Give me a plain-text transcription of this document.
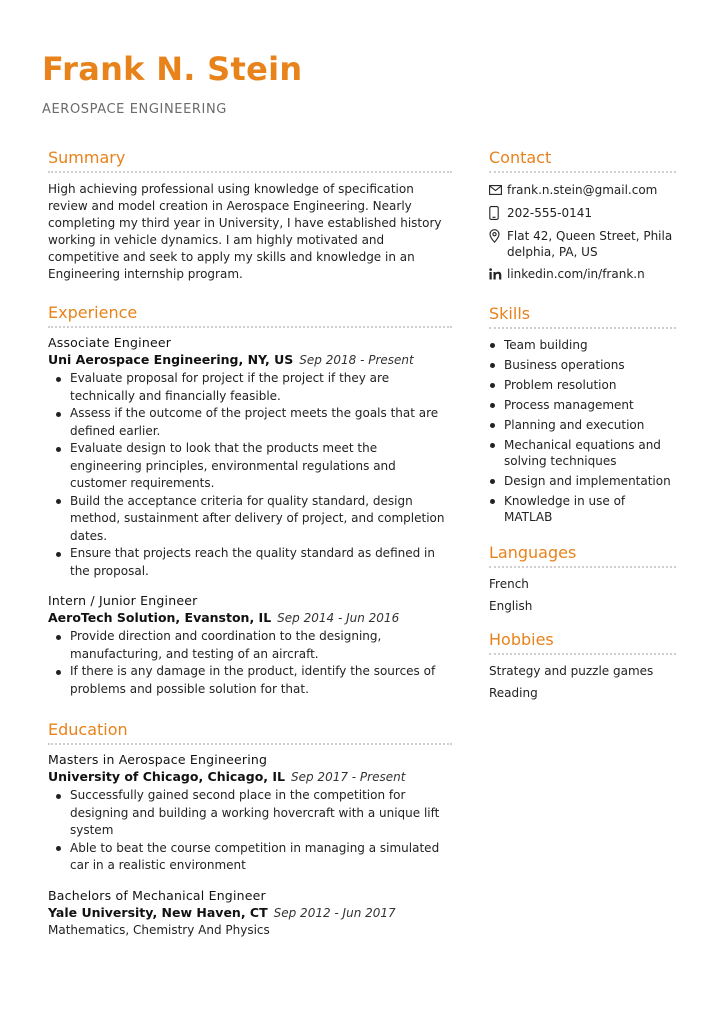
Frank N. Stein
AEROSPACE ENGINEERING
Summary
High achieving professional using knowledge of specification review and model creation in Aerospace Engineering. Nearly completing my third year in University, I have established history working in vehicle dynamics. I am highly motivated and competitive and seek to apply my skills and knowledge in an Engineering internship program.
Experience
Associate Engineer
Uni Aerospace Engineering, NY, US Sep 2018 - Present
Evaluate proposal for project if the project if they are technically and financially feasible.
Assess if the outcome of the project meets the goals that are defined earlier.
Evaluate design to look that the products meet the engineering principles, environmental regulations and customer requirements.
Build the acceptance criteria for quality standard, design method, sustainment after delivery of project, and completion dates.
Ensure that projects reach the quality standard as defined in the proposal.
Intern / Junior Engineer
AeroTech Solution, Evanston, IL Sep 2014 - Jun 2016
Provide direction and coordination to the designing, manufacturing, and testing of an aircraft.
If there is any damage in the product, identify the sources of problems and possible solution for that.
Education
Masters in Aerospace Engineering
University of Chicago, Chicago, IL Sep 2017 - Present
Successfully gained second place in the competition for designing and building a working hovercraft with a unique lift system
Able to beat the course competition in managing a simulated car in a realistic environment
Bachelors of Mechanical Engineer
Yale University, New Haven, CT Sep 2012 - Jun 2017
Mathematics, Chemistry And Physics
Contact
frank.n.stein@gmail.com
202-555-0141
Flat 42, Queen Street, Philadelphia, PA, US
linkedin.com/in/frank.n
Skills
Team building
Business operations
Problem resolution
Process management
Planning and execution
Mechanical equations and solving techniques
Design and implementation
Knowledge in use of MATLAB
Languages
French
English
Hobbies
Strategy and puzzle games
Reading
